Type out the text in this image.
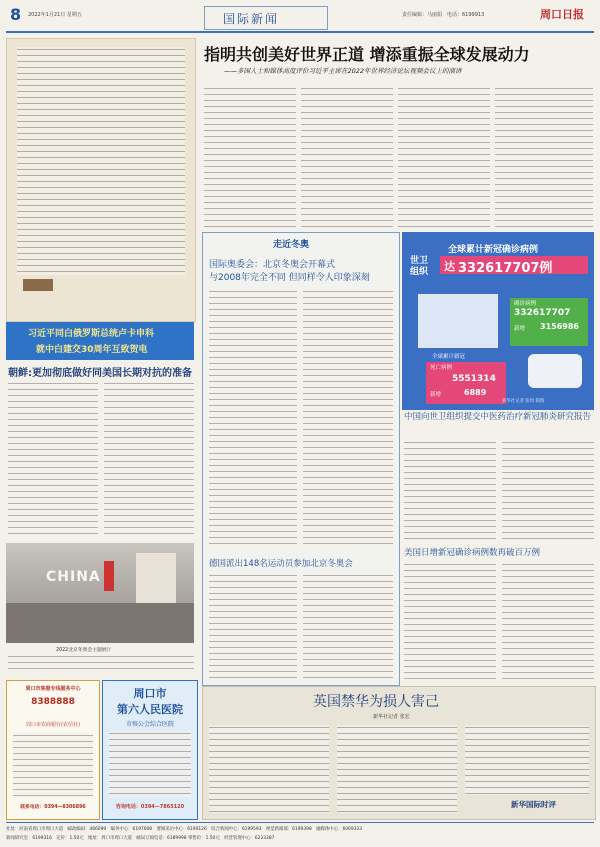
8 2022年1月21日 星期五	国际新闻	责任编辑：马丽娟　电话：6199913	周口日报
习近平同白俄罗斯总统卢卡申科
就中白建交30周年互致贺电
朝鲜:更加彻底做好同美国长期对抗的准备
CHINA
2022北京冬奥会主题展厅
指明共创美好世界正道 增添重振全球发展动力
——多国人士和媒体高度评价习近平主席在2022年世界经济论坛视频会议上的演讲
走近冬奥
国际奥委会：北京冬奥会开幕式
与2008年完全不同 但同样令人印象深刻
德国派出148名运动员参加北京冬奥会
全球累计新冠确诊病例
世卫组织	达 332617707例
全球累计新冠
确诊病例
332617707
新增 3156986
死亡病例
5551314
新增	6889
新华社记者 张玥 制图
中国向世卫组织提交中医药治疗新冠肺炎研究报告
美国日增新冠确诊病例数再破百万例
周口市客服专线服务中心
8388888
周口市农商银行(农信社)
联系电话：0394—8306896
周口市
第六人民医院
市殡公会综合医院
咨询电话：0394—7865120
英国禁华为损人害己
新华社记者 张宏
新华国际时评
社址：河南省周口市周口大道　邮政编码：466099　编务中心：6197608　要闻采访中心：6190126　综合新闻中心：6199593　视觉新闻部：6199398　融媒体中心：6069333
新闻研究室：6199316　定价：1.50元　地址：周口市周口大道　邮局订阅电话：6189998 零售价：1.50元　经营管理中心：6223387
